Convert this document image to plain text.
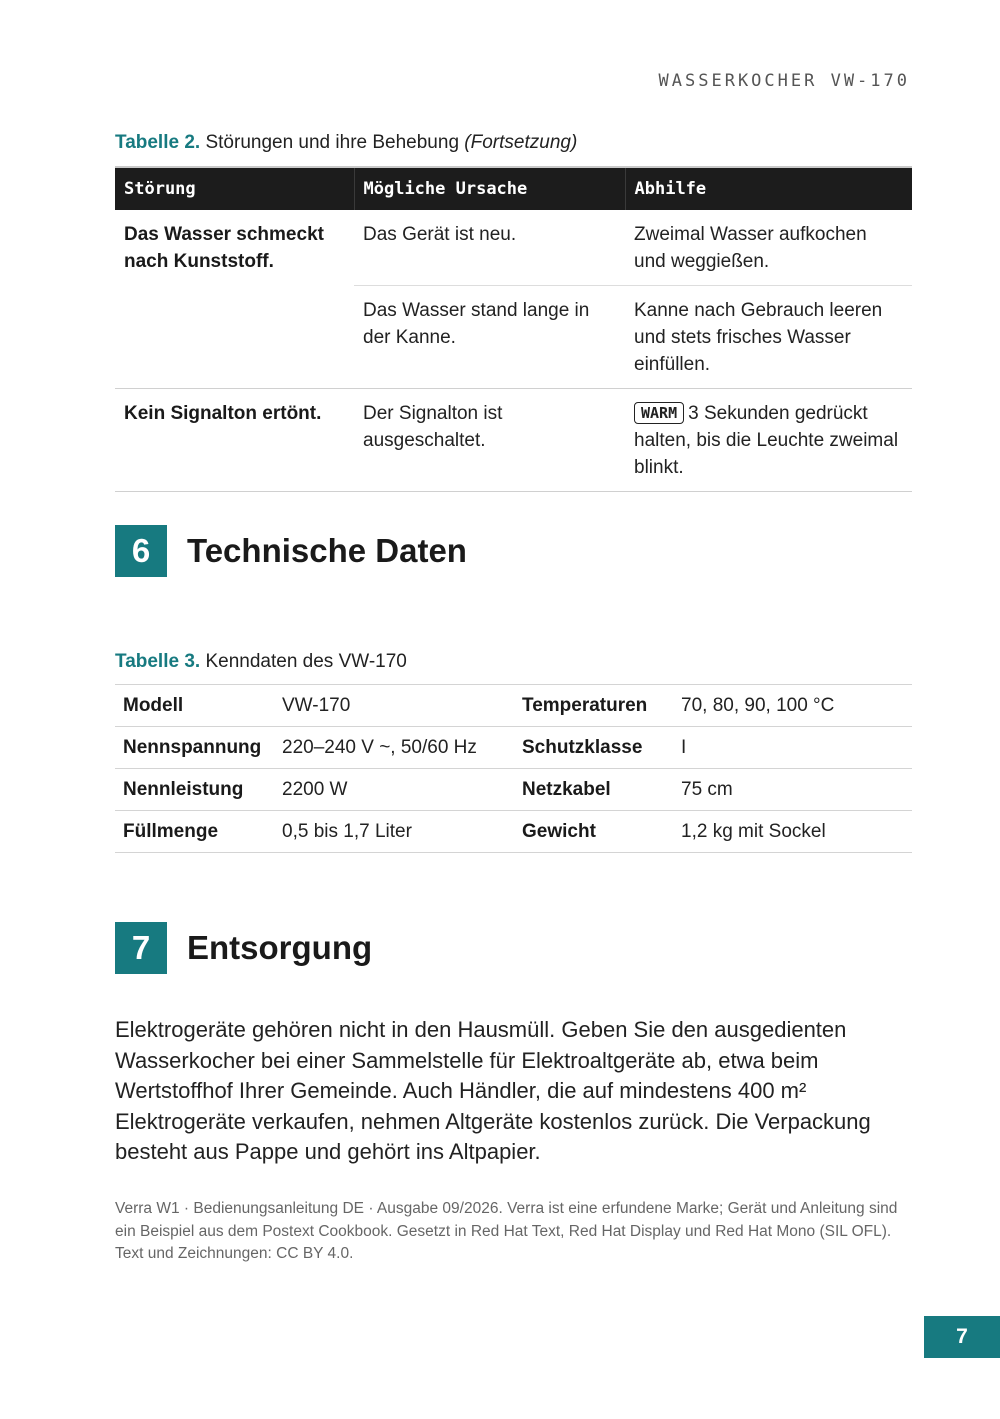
WASSERKOCHER VW-170
Tabelle 2. Störungen und ihre Behebung (Fortsetzung)
Störung	Mögliche Ursache	Abhilfe
Das Wasser schmeckt nach Kunststoff.	Das Gerät ist neu.	Zweimal Wasser aufkochen und weggießen.
	Das Wasser stand lange in der Kanne.	Kanne nach Gebrauch leeren und stets frisches Wasser einfüllen.
Kein Signalton ertönt.	Der Signalton ist ausgeschaltet.	WARM 3 Sekunden gedrückt halten, bis die Leuchte zweimal blinkt.
6	Technische Daten
Tabelle 3. Kenndaten des VW-170
Modell	VW-170	Temperaturen	70, 80, 90, 100 °C
Nennspannung	220–240 V ~, 50/60 Hz	Schutzklasse	I
Nennleistung	2200 W	Netzkabel	75 cm
Füllmenge	0,5 bis 1,7 Liter	Gewicht	1,2 kg mit Sockel
7	Entsorgung

Elektrogeräte gehören nicht in den Hausmüll. Geben Sie den ausgedienten Wasserkocher bei einer Sammelstelle für Elektroaltgeräte ab, etwa beim Wertstoffhof Ihrer Gemeinde. Auch Händler, die auf mindestens 400 m² Elektrogeräte verkaufen, nehmen Altgeräte kostenlos zurück. Die Verpackung besteht aus Pappe und gehört ins Altpapier.

Verra W1 · Bedienungsanleitung DE · Ausgabe 09/2026. Verra ist eine erfundene Marke; Gerät und Anleitung sind ein Beispiel aus dem Postext Cookbook. Gesetzt in Red Hat Text, Red Hat Display und Red Hat Mono (SIL OFL). Text und Zeichnungen: CC BY 4.0.

7
